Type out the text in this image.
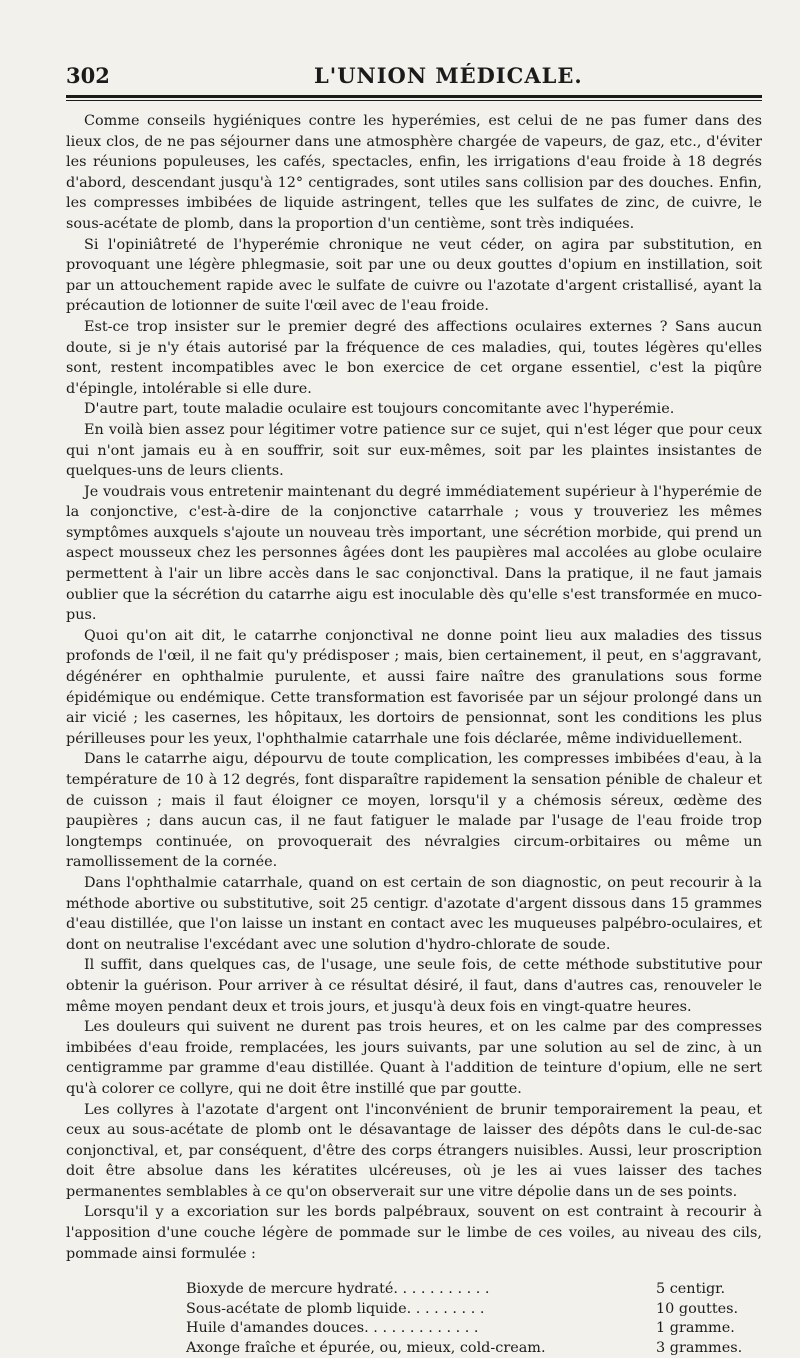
302	L'UNION MÉDICALE.

Comme conseils hygiéniques contre les hyperémies, est celui de ne pas fumer dans des lieux clos, de ne pas séjourner dans une atmosphère chargée de vapeurs, de gaz, etc., d'éviter les réunions populeuses, les cafés, spectacles, enfin, les irrigations d'eau froide à 18 degrés d'abord, descendant jusqu'à 12° centigrades, sont utiles sans collision par des douches. Enfin, les compresses imbibées de liquide astringent, telles que les sulfates de zinc, de cuivre, le sous-acétate de plomb, dans la proportion d'un centième, sont très indiquées.

Si l'opiniâtreté de l'hyperémie chronique ne veut céder, on agira par substitution, en provoquant une légère phlegmasie, soit par une ou deux gouttes d'opium en instillation, soit par un attouchement rapide avec le sulfate de cuivre ou l'azotate d'argent cristallisé, ayant la précaution de lotionner de suite l'œil avec de l'eau froide.

Est-ce trop insister sur le premier degré des affections oculaires externes ? Sans aucun doute, si je n'y étais autorisé par la fréquence de ces maladies, qui, toutes légères qu'elles sont, restent incompatibles avec le bon exercice de cet organe essentiel, c'est la piqûre d'épingle, intolérable si elle dure.

D'autre part, toute maladie oculaire est toujours concomitante avec l'hyperémie.

En voilà bien assez pour légitimer votre patience sur ce sujet, qui n'est léger que pour ceux qui n'ont jamais eu à en souffrir, soit sur eux-mêmes, soit par les plaintes insistantes de quelques-uns de leurs clients.

Je voudrais vous entretenir maintenant du degré immédiatement supérieur à l'hyperémie de la conjonctive, c'est-à-dire de la conjonctive catarrhale ; vous y trouveriez les mêmes symptômes auxquels s'ajoute un nouveau très important, une sécrétion morbide, qui prend un aspect mousseux chez les personnes âgées dont les paupières mal accolées au globe oculaire permettent à l'air un libre accès dans le sac conjonctival. Dans la pratique, il ne faut jamais oublier que la sécrétion du catarrhe aigu est inoculable dès qu'elle s'est transformée en muco-pus.

Quoi qu'on ait dit, le catarrhe conjonctival ne donne point lieu aux maladies des tissus profonds de l'œil, il ne fait qu'y prédisposer ; mais, bien certainement, il peut, en s'aggravant, dégénérer en ophthalmie purulente, et aussi faire naître des granulations sous forme épidémique ou endémique. Cette transformation est favorisée par un séjour prolongé dans un air vicié ; les casernes, les hôpitaux, les dortoirs de pensionnat, sont les conditions les plus périlleuses pour les yeux, l'ophthalmie catarrhale une fois déclarée, même individuellement.

Dans le catarrhe aigu, dépourvu de toute complication, les compresses imbibées d'eau, à la température de 10 à 12 degrés, font disparaître rapidement la sensation pénible de chaleur et de cuisson ; mais il faut éloigner ce moyen, lorsqu'il y a chémosis séreux, œdème des paupières ; dans aucun cas, il ne faut fatiguer le malade par l'usage de l'eau froide trop longtemps continuée, on provoquerait des névralgies circum-orbitaires ou même un ramollissement de la cornée.

Dans l'ophthalmie catarrhale, quand on est certain de son diagnostic, on peut recourir à la méthode abortive ou substitutive, soit 25 centigr. d'azotate d'argent dissous dans 15 grammes d'eau distillée, que l'on laisse un instant en contact avec les muqueuses palpébro-oculaires, et dont on neutralise l'excédant avec une solution d'hydro-chlorate de soude.

Il suffit, dans quelques cas, de l'usage, une seule fois, de cette méthode substitutive pour obtenir la guérison. Pour arriver à ce résultat désiré, il faut, dans d'autres cas, renouveler le même moyen pendant deux et trois jours, et jusqu'à deux fois en vingt-quatre heures.

Les douleurs qui suivent ne durent pas trois heures, et on les calme par des compresses imbibées d'eau froide, remplacées, les jours suivants, par une solution au sel de zinc, à un centigramme par gramme d'eau distillée. Quant à l'addition de teinture d'opium, elle ne sert qu'à colorer ce collyre, qui ne doit être instillé que par goutte.

Les collyres à l'azotate d'argent ont l'inconvénient de brunir temporairement la peau, et ceux au sous-acétate de plomb ont le désavantage de laisser des dépôts dans le cul-de-sac conjonctival, et, par conséquent, d'être des corps étrangers nuisibles. Aussi, leur proscription doit être absolue dans les kératites ulcéreuses, où je les ai vues laisser des taches permanentes semblables à ce qu'on observerait sur une vitre dépolie dans un de ses points.

Lorsqu'il y a excoriation sur les bords palpébraux, souvent on est contraint à recourir à l'apposition d'une couche légère de pommade sur le limbe de ces voiles, au niveau des cils, pommade ainsi formulée :

Bioxyde de mercure hydraté. . . . . . . . . . .	5 centigr.
Sous-acétate de plomb liquide. . . . . . . . .	10 gouttes.
Huile d'amandes douces. . . . . . . . . . . . .	1 gramme.
Axonge fraîche et épurée, ou, mieux, cold-cream.	3 grammes.
